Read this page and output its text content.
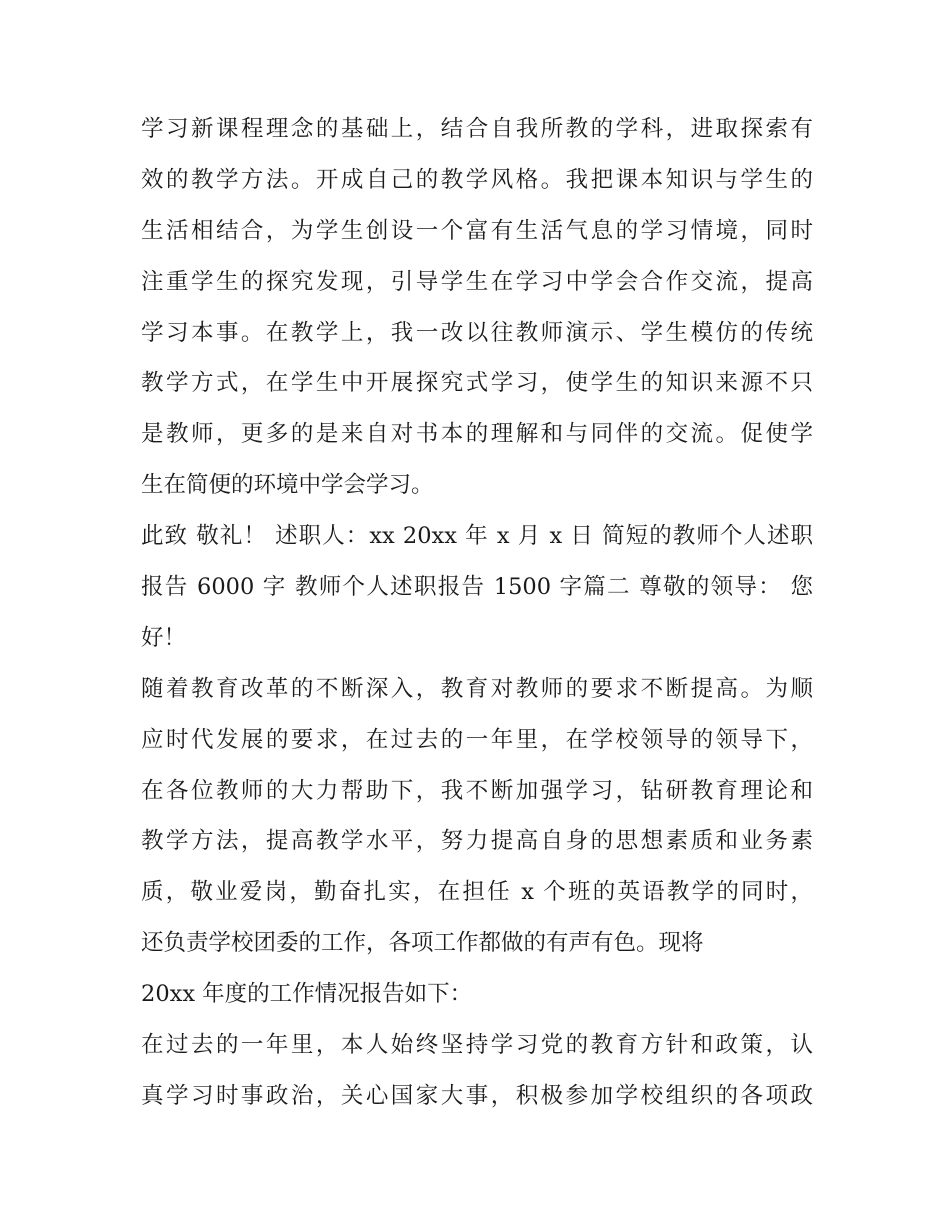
学习新课程理念的基础上，结合自我所教的学科，进取探索有
效的教学方法。开成自己的教学风格。我把课本知识与学生的
生活相结合，为学生创设一个富有生活气息的学习情境，同时
注重学生的探究发现，引导学生在学习中学会合作交流，提高
学习本事。在教学上，我一改以往教师演示、学生模仿的传统
教学方式，在学生中开展探究式学习，使学生的知识来源不只
是教师，更多的是来自对书本的理解和与同伴的交流。促使学
生在简便的环境中学会学习。
此致 敬礼！ 述职人：xx 20xx 年 x 月 x 日 简短的教师个人述职
报告 6000 字 教师个人述职报告 1500 字篇二 尊敬的领导： 您
好！
随着教育改革的不断深入，教育对教师的要求不断提高。为顺
应时代发展的要求，在过去的一年里，在学校领导的领导下，
在各位教师的大力帮助下，我不断加强学习，钻研教育理论和
教学方法，提高教学水平，努力提高自身的思想素质和业务素
质，敬业爱岗，勤奋扎实，在担任 x 个班的英语教学的同时，
还负责学校团委的工作，各项工作都做的有声有色。现将
20xx 年度的工作情况报告如下：
在过去的一年里，本人始终坚持学习党的教育方针和政策，认
真学习时事政治，关心国家大事，积极参加学校组织的各项政
